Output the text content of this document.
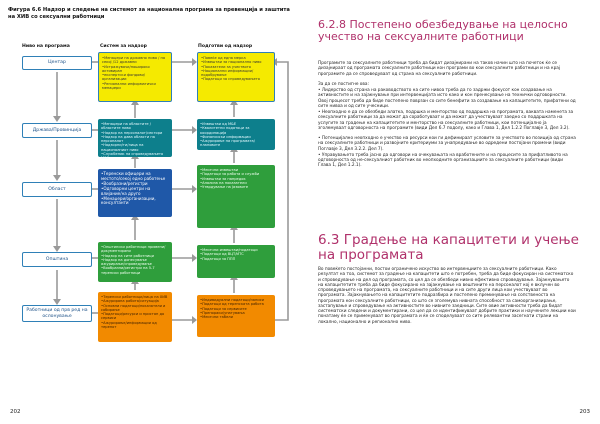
Фигура 6.6 Надзор и следење на системот за национална програма за превенција и заштита на ХИВ со сексуални работници
Ниво на програма	Систем за надзор	Подготви од надзор
Центар
Држава/Провинција
Област
Општина
Работници од прв ред на ослонување
• Менаџери на државно ниво / на секој /12 државни
• Истражувачи/пошироко активиран
• експертски фондови/организации
• Регионални информатички менаџери
• Менаџери на областите / областите ниво
• Надзор на персоналот/сектори
• Надзор на дава области на персоналот
• Надзорни/ти/лица на националниот ниво
• Службеник на спроведувањето М&Е
• Теренски офицери на местото/секој едно работење
• Вообразни/регистри
• Одговорни центри на влијание/на друго
• Менаџери/организации, консултанти
• Општински работници примени/документирани
• Надзор на сите работници
• Надзор на донесување ажурирање/спроведување
• Вообразни/регистри на 5-7 теренски работници
• Теренски работници/лица на ХИВ
• Ажурирана работа/ситуација
• Основни податоци/показатели и собирање
• Податоци/ресурси и пристап до сервиси
• Ажурирање/информации од теренот
• Повеќе од една мерка
• Извештаи за национално ниво
• Показатели за учеството
• Национални информации/подобрување
• Податоци за спроведувањето
• Извештаи од М&Е
• Квалитетни податоци за координација
• Финансиски информации
• Ажурирање на програмата/плановите
• Месечни извештаи
• Податоци за работа и служби
• Извештаи за напредок
• Анализа на показатели
• Утврдување на јазовите
• Месечни извештаи/податоци
• Податоци од ВЦТ/ИТС
• Податоци за ППП
• Индивидуални податоци/записи
• Податоци од теренската работа
• Податоци за сервисите
• Препораки/упатувања
• Месечни табели
202
6.2.8 Постепено обезбедување на целосно учество на сексуалните работници

Програмите за сексуалните работници треба да бидат дизајнирани на таков начин што на почеток ќе се дизајнираат од програмата сексуалните работници кон програми во кои сексуалните работници и на крај програмите да се спроведуваат од страна на сексуалните работници.

За да се постигне ова:

• Лидерство од страна на раководството на сите нивоа треба да го задржи фокусот кон создавање на активностите и на зајакнување при интервенцијата исто како и кон пренесување на технички одговорности. Овој процесот треба да биде постепено поврзан со сите бенефити за создавање на капацитетите, прифатени од сите нивоа и од сите учесници.

• Неопходно е да се обезбеди алатка, подршка и менторство од поддршка на програмата, ваквата наменета за сексуалните работници за да можат да соработуваат и да можат да учествуваат заедно со поддршката на услугите за градење на капацитетите и менторство на сексуалните работници, кои потенцијално ја зголемуваат одговорноста на програмите (види Дел 6.7 подолу, како и Глава 1, Дел 1.2.2 Поглавје 3, Дел 3.2).

• Потенцијално неопходно е учество на ресурси кои ги дефинираат условите за учеството во позиција од страна на сексуалните работници и развојните критериуми за унапредување во одредени постојани промени (види Поглавје 3, Дел 3.2.2. Дел 7).

• Управувањето треба јасно да одговори на очекувањата на вработените и на процесите за прифатливото на одговорноста од не-сексуалниот работник во неопходните организациите за сексуалните работници (види Глава 1, Дел 1.2.1).

6.3 Градење на капацитети и учење на програмата

Во повеќето постојанни, постои ограничено искуство во интервенциите за сексуалните работници. Како резултат на тоа, системот за градење на капацитети што е потребен, треба да биде фокусиран на систематско и спроведување на дел од програмата, со цел да се обезбеди нивно ефективно спроведување. Зајакнувањето на капацитетите треба да биде фокусирано на зајакнување на вештините на персоналот кој е вклучен во спроведувањето на програмата, на сексуалните работници и на сите други лица кои учествуваат во програмата. Зајакнувањето на капацитетите подразбира и постепено преминување на сопственоста на програмата кон сексуалните работници, со што се зголемува нивната способност за самоорганизирање, застапување и спроведување на активностите во нивните заедници. Сите овие активности треба да бидат систематски следени и документирани, со цел да се идентификуваат добрите практики и научените лекции кои понатаму ќе се применуваат во програмата и ќе се споделуваат со сите релевантни засегнати страни на локално, национално и регионално ниво.

203
